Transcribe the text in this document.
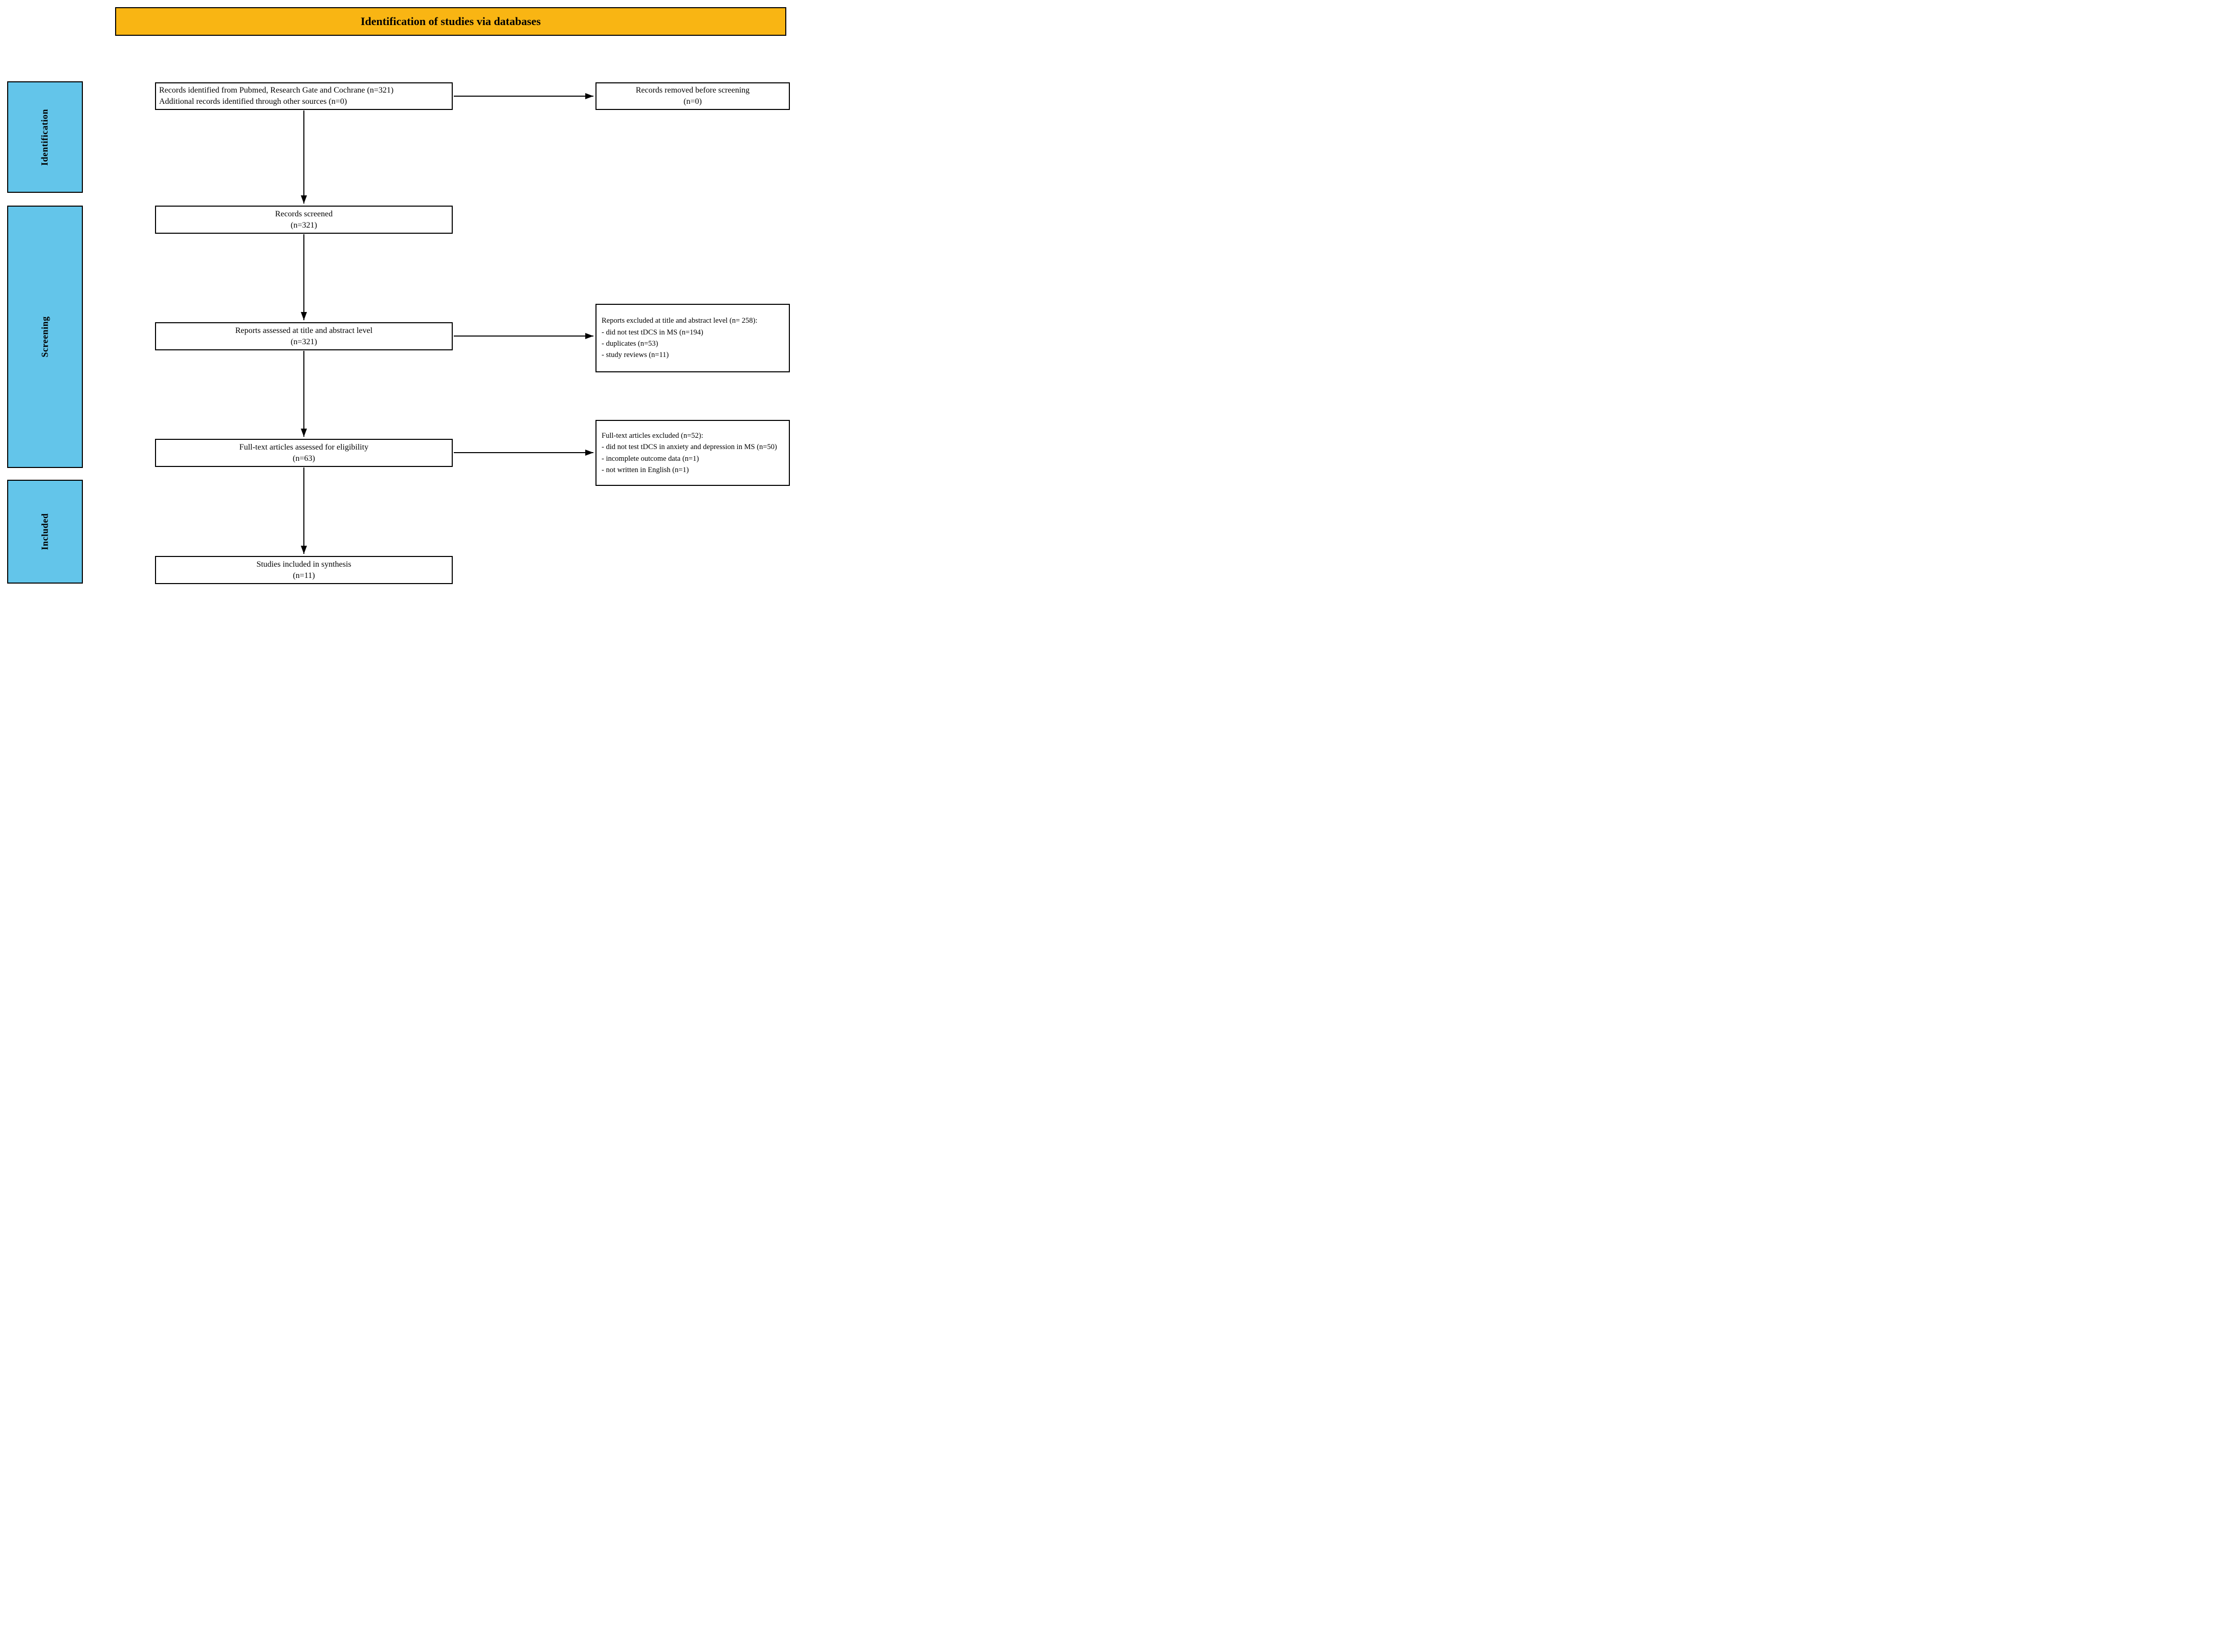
Identification of studies via databases
Identification
Screening
Included
Records identified from Pubmed, Research Gate and Cochrane (n=321)
Additional records identified through other sources (n=0)
Records screened
(n=321)
Reports assessed at title and abstract level
(n=321)
Full-text articles assessed for eligibility
(n=63)
Studies included in synthesis
(n=11)
Records removed before screening
(n=0)
Reports excluded at title and abstract level (n= 258):
- did not test tDCS in MS (n=194)
- duplicates (n=53)
- study reviews (n=11)
Full-text articles excluded (n=52):
- did not test tDCS in anxiety and depression in MS (n=50)
- incomplete outcome data (n=1)
- not written in English (n=1)
